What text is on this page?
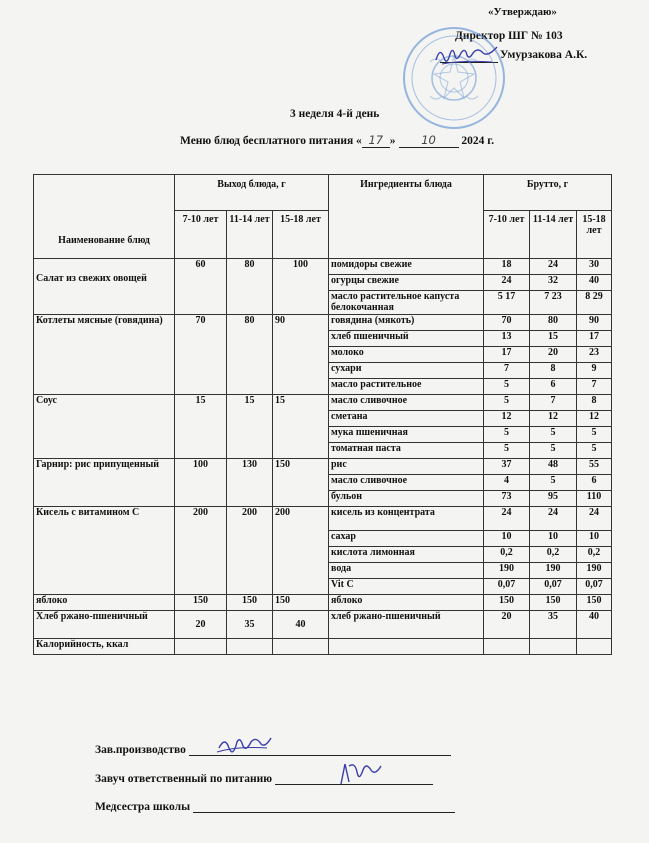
«Утверждаю»
Директор ШГ № 103
Умурзакова А.К.
3 неделя 4-й день
Меню блюд бесплатного питания « 17 » 10 2024 г.
Наименование блюд	Выход блюда, г			Ингредиенты блюда	Брутто, г		
	7-10 лет	11-14 лет	15-18 лет		7-10 лет	11-14 лет	15-18 лет
Салат из свежих овощей	60	80	100	помидоры свежие	18	24	30
				огурцы свежие	24	32	40
				масло растительное капуста белокочанная	5 17	7 23	8 29
Котлеты мясные (говядина)	70	80	90	говядина (мякоть)	70	80	90
				хлеб пшеничный	13	15	17
				молоко	17	20	23
				сухари	7	8	9
				масло растительное	5	6	7
Соус	15	15	15	масло сливочное	5	7	8
				сметана	12	12	12
				мука пшеничная	5	5	5
				томатная паста	5	5	5
Гарнир: рис припущенный	100	130	150	рис	37	48	55
				масло сливочное	4	5	6
				бульон	73	95	110
Кисель с витамином С	200	200	200	кисель из концентрата	24	24	24
				сахар	10	10	10
				кислота лимонная	0,2	0,2	0,2
				вода	190	190	190
				Vit C	0,07	0,07	0,07
яблоко	150	150	150	яблоко	150	150	150
Хлеб ржано-пшеничный	20	35	40	хлеб ржано-пшеничный	20	35	40
Калорийность, ккал							
Зав.производство
Завуч ответственный по питанию
Медсестра школы
